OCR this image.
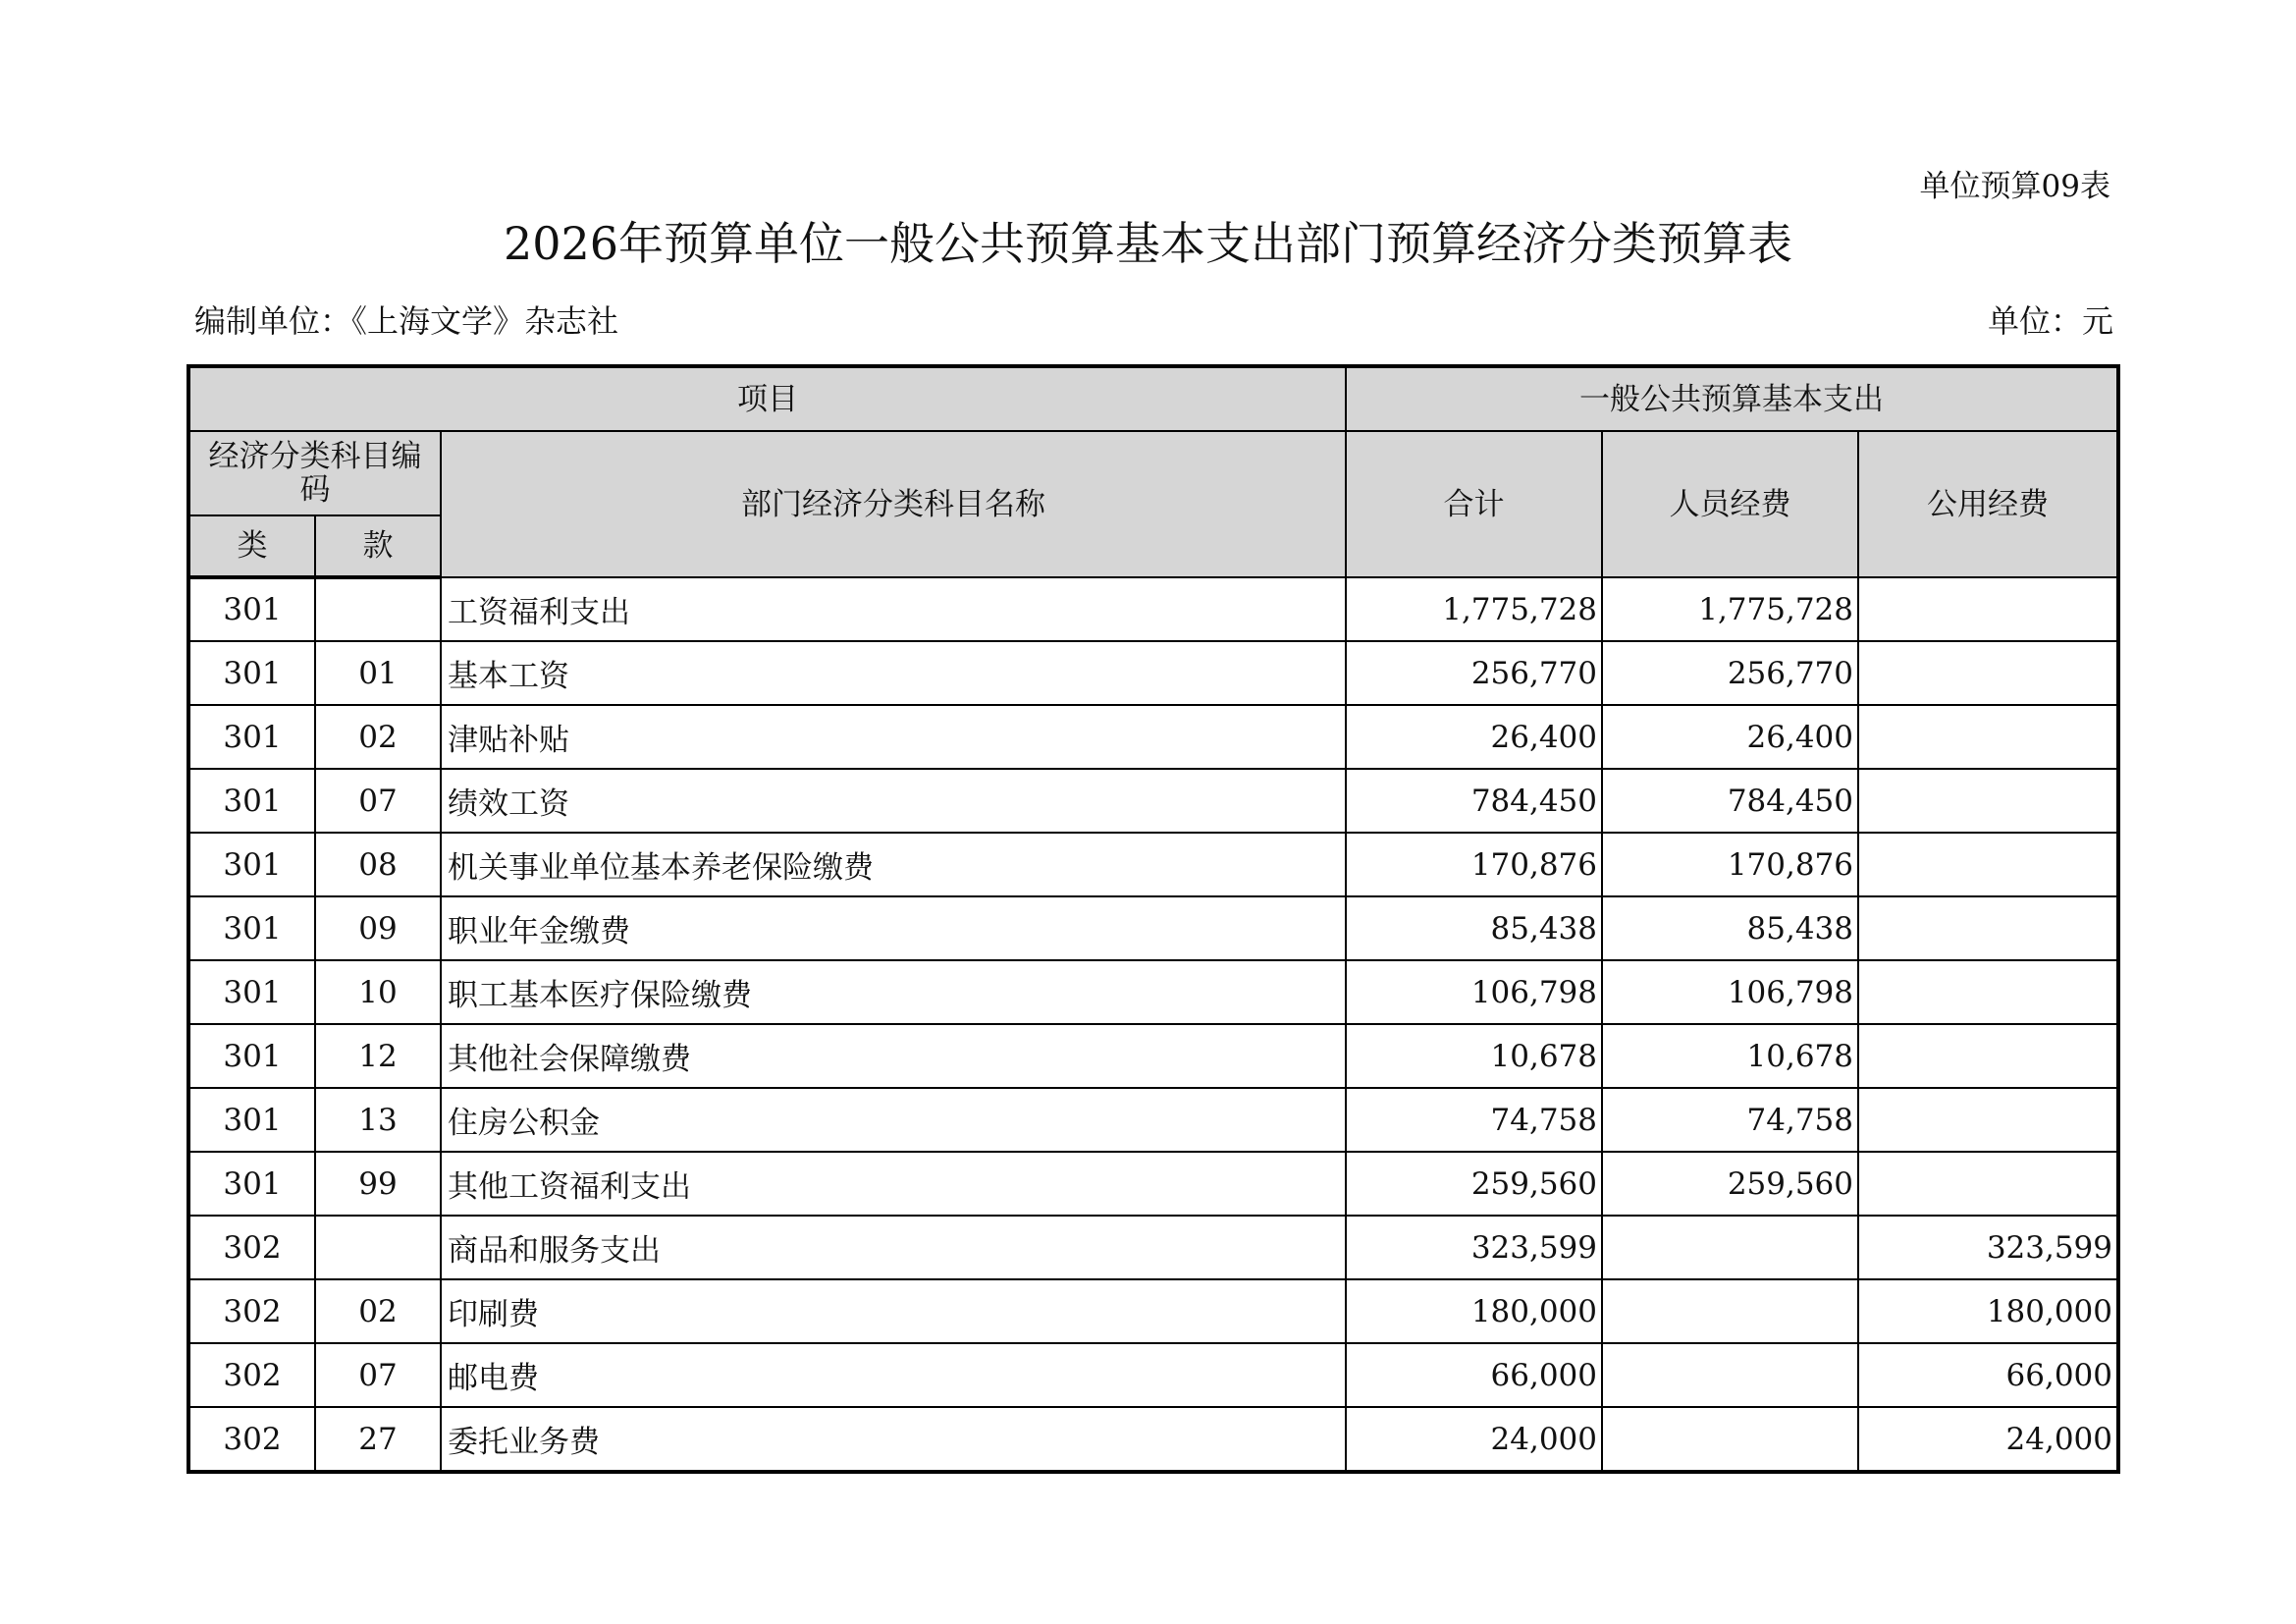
单位预算09表
2026年预算单位一般公共预算基本支出部门预算经济分类预算表
编制单位：《上海文学》杂志社	单位：元
项目			一般公共预算基本支出		
经济分类科目编码		部门经济分类科目名称	合计	人员经费	公用经费
类	款				
301		工资福利支出	1,775,728	1,775,728	
301	01	基本工资	256,770	256,770	
301	02	津贴补贴	26,400	26,400	
301	07	绩效工资	784,450	784,450	
301	08	机关事业单位基本养老保险缴费	170,876	170,876	
301	09	职业年金缴费	85,438	85,438	
301	10	职工基本医疗保险缴费	106,798	106,798	
301	12	其他社会保障缴费	10,678	10,678	
301	13	住房公积金	74,758	74,758	
301	99	其他工资福利支出	259,560	259,560	
302		商品和服务支出	323,599		323,599
302	02	印刷费	180,000		180,000
302	07	邮电费	66,000		66,000
302	27	委托业务费	24,000		24,000
